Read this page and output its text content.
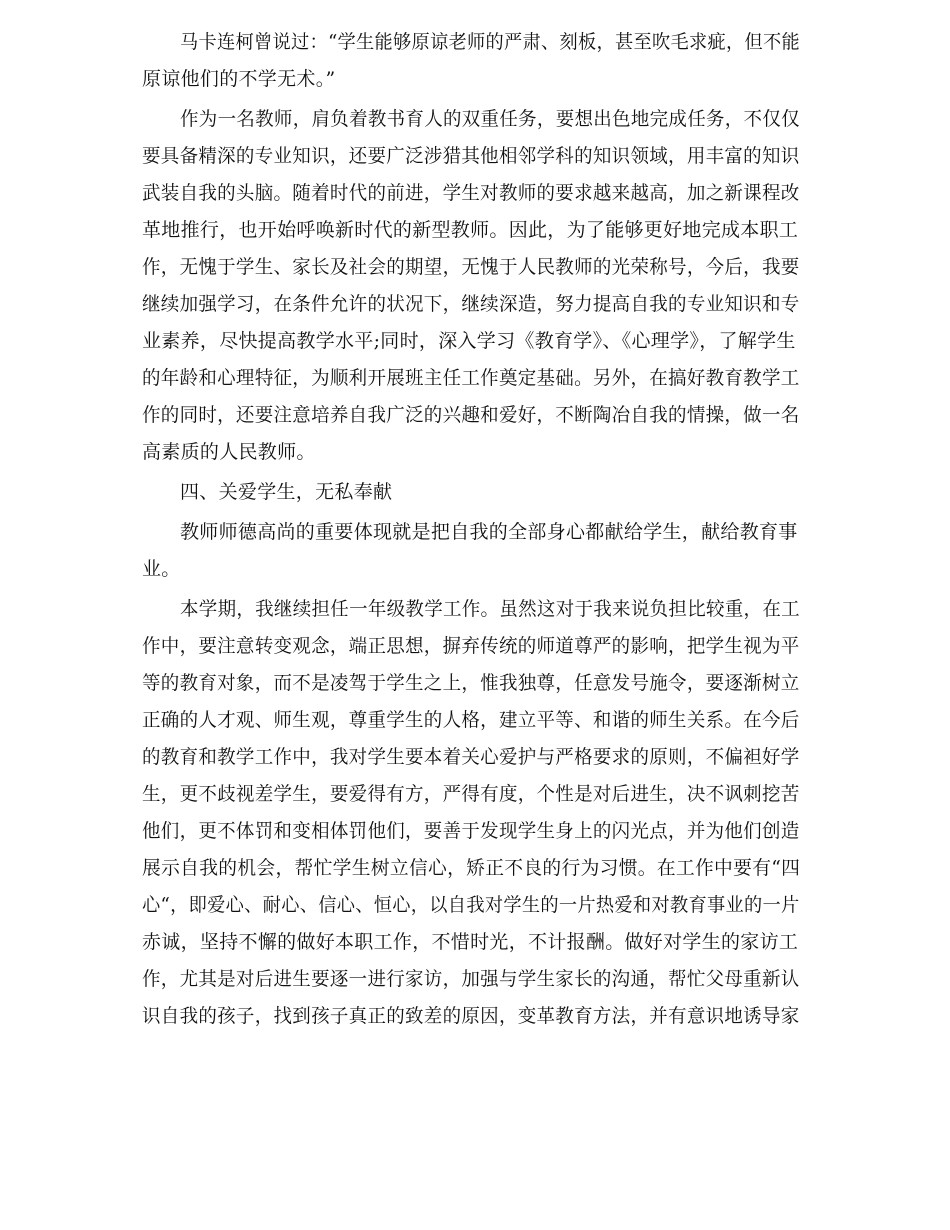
马卡连柯曾说过：“学生能够原谅老师的严肃、刻板，甚至吹毛求疵，但不能
原谅他们的不学无术。”
作为一名教师，肩负着教书育人的双重任务，要想出色地完成任务，不仅仅
要具备精深的专业知识，还要广泛涉猎其他相邻学科的知识领域，用丰富的知识
武装自我的头脑。随着时代的前进，学生对教师的要求越来越高，加之新课程改
革地推行，也开始呼唤新时代的新型教师。因此，为了能够更好地完成本职工
作，无愧于学生、家长及社会的期望，无愧于人民教师的光荣称号，今后，我要
继续加强学习，在条件允许的状况下，继续深造，努力提高自我的专业知识和专
业素养，尽快提高教学水平;同时，深入学习《教育学》、《心理学》，了解学生
的年龄和心理特征，为顺利开展班主任工作奠定基础。另外，在搞好教育教学工
作的同时，还要注意培养自我广泛的兴趣和爱好，不断陶冶自我的情操，做一名
高素质的人民教师。
四、关爱学生，无私奉献
教师师德高尚的重要体现就是把自我的全部身心都献给学生，献给教育事
业。
本学期，我继续担任一年级教学工作。虽然这对于我来说负担比较重，在工
作中，要注意转变观念，端正思想，摒弃传统的师道尊严的影响，把学生视为平
等的教育对象，而不是凌驾于学生之上，惟我独尊，任意发号施令，要逐渐树立
正确的人才观、师生观，尊重学生的人格，建立平等、和谐的师生关系。在今后
的教育和教学工作中，我对学生要本着关心爱护与严格要求的原则，不偏袒好学
生，更不歧视差学生，要爱得有方，严得有度，个性是对后进生，决不讽刺挖苦
他们，更不体罚和变相体罚他们，要善于发现学生身上的闪光点，并为他们创造
展示自我的机会，帮忙学生树立信心，矫正不良的行为习惯。在工作中要有“四
心“，即爱心、耐心、信心、恒心，以自我对学生的一片热爱和对教育事业的一片
赤诚，坚持不懈的做好本职工作，不惜时光，不计报酬。做好对学生的家访工
作，尤其是对后进生要逐一进行家访，加强与学生家长的沟通，帮忙父母重新认
识自我的孩子，找到孩子真正的致差的原因，变革教育方法，并有意识地诱导家
